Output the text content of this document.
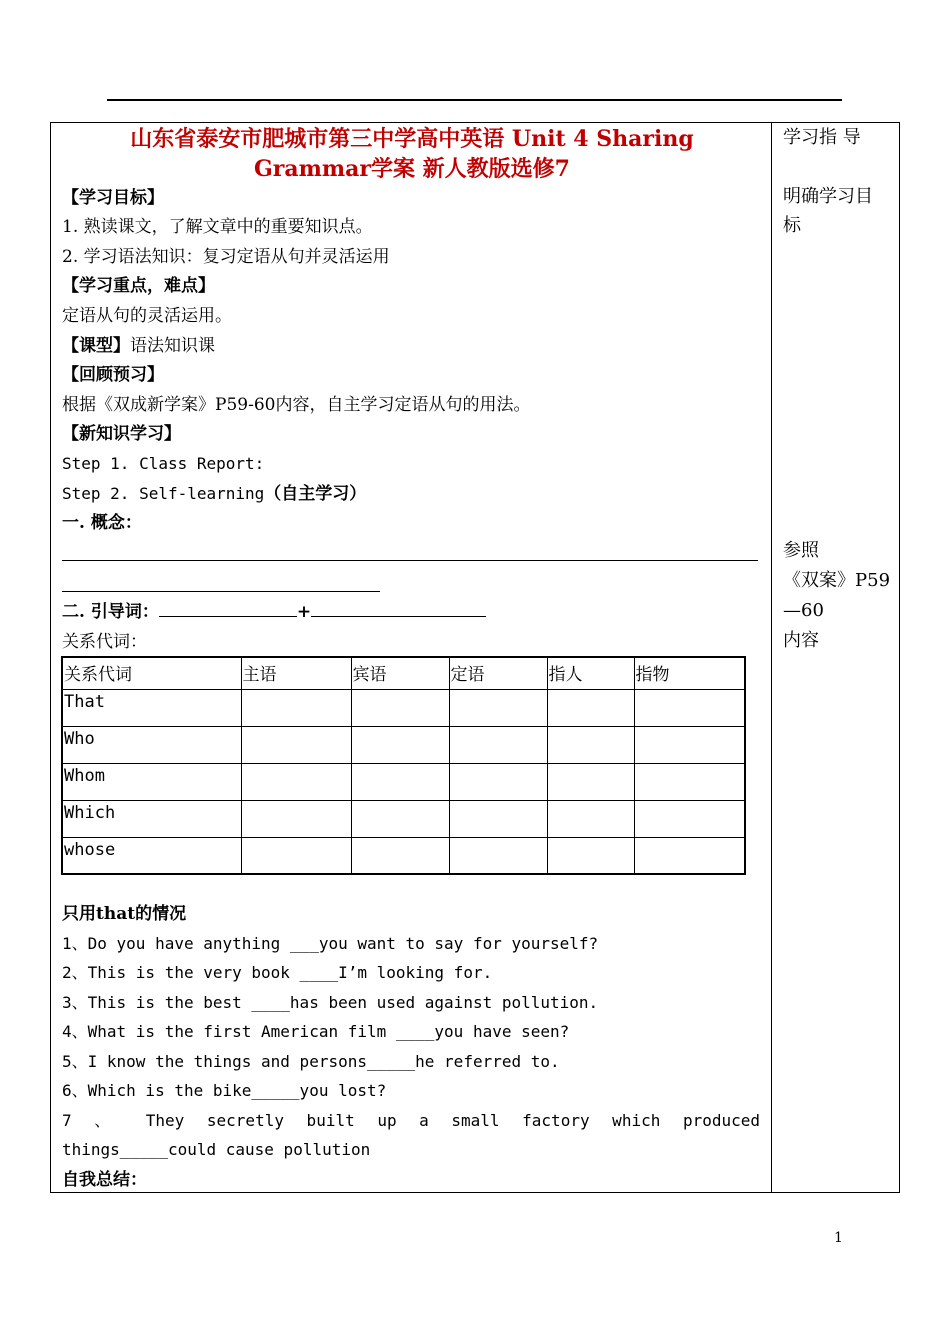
山东省泰安市肥城市第三中学高中英语 Unit 4 Sharing
Grammar学案 新人教版选修7
【学习目标】
1. 熟读课文，了解文章中的重要知识点。
2. 学习语法知识：复习定语从句并灵活运用
【学习重点，难点】
定语从句的灵活运用。
【课型】语法知识课
【回顾预习】
根据《双成新学案》P59-60内容，自主学习定语从句的用法。
【新知识学习】
Step 1. Class Report:
Step 2. Self-learning（自主学习）
一. 概念：
二. 引导词：	+
关系代词：
关系代词	主语	宾语	定语	指人	指物
That					
Who					
Whom					
Which					
whose					
只用that的情况
1、Do you have anything ___you want to say for yourself?
2、This is the very book ____I’m looking for.
3、This is the best ____has been used against pollution.
4、What is the first American film ____you have seen?
5、I know the things and persons_____he referred to.
6、Which is the bike_____you lost?
7 、 They secretly built up a small factory which produced
things_____could cause pollution
自我总结：
学习指 导
明确学习目
标
参照
《双案》P59
—60
内容
1
